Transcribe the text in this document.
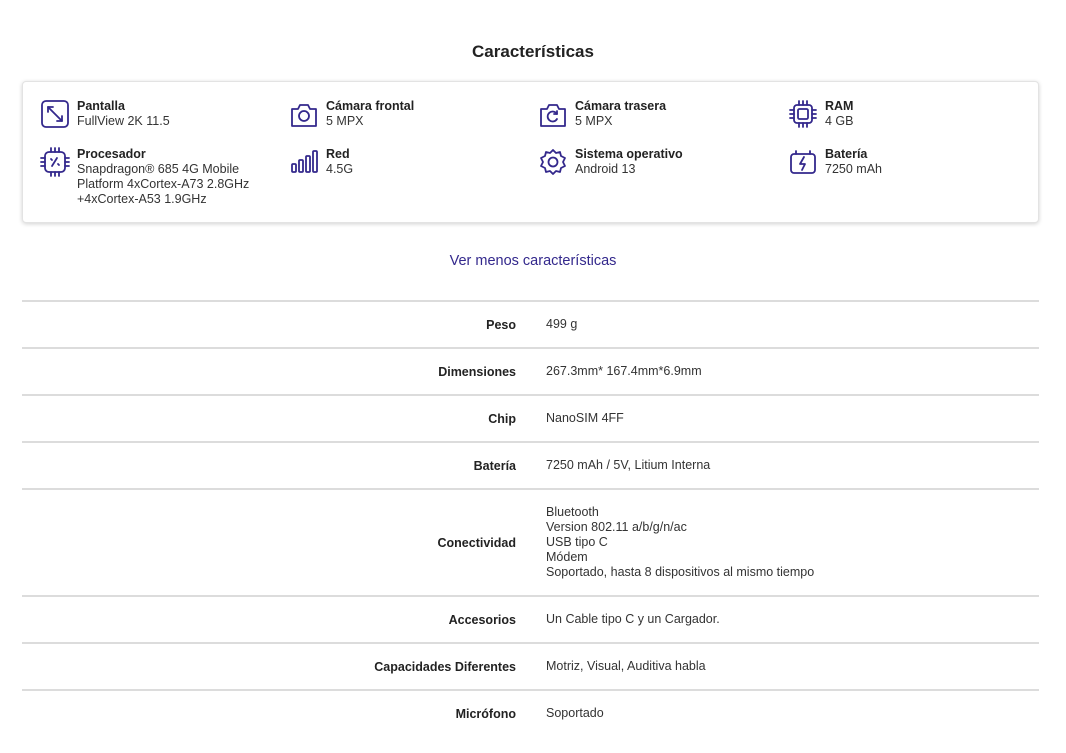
Características
Pantalla
FullView 2K 11.5
Cámara frontal
5 MPX
Cámara trasera
5 MPX
RAM
4 GB
Procesador
Snapdragon® 685 4G Mobile Platform 4xCortex-A73 2.8GHz +4xCortex-A53 1.9GHz
Red
4.5G
Sistema operativo
Android 13
Batería
7250 mAh
Ver menos características
Peso 499 g
Dimensiones 267.3mm* 167.4mm*6.9mm
Chip NanoSIM 4FF
Batería 7250 mAh / 5V, Litium Interna
Conectividad
Bluetooth
Version 802.11 a/b/g/n/ac
USB tipo C
Módem
Soportado, hasta 8 dispositivos al mismo tiempo
Accesorios Un Cable tipo C y un Cargador.
Capacidades Diferentes Motriz, Visual, Auditiva habla
Micrófono Soportado
